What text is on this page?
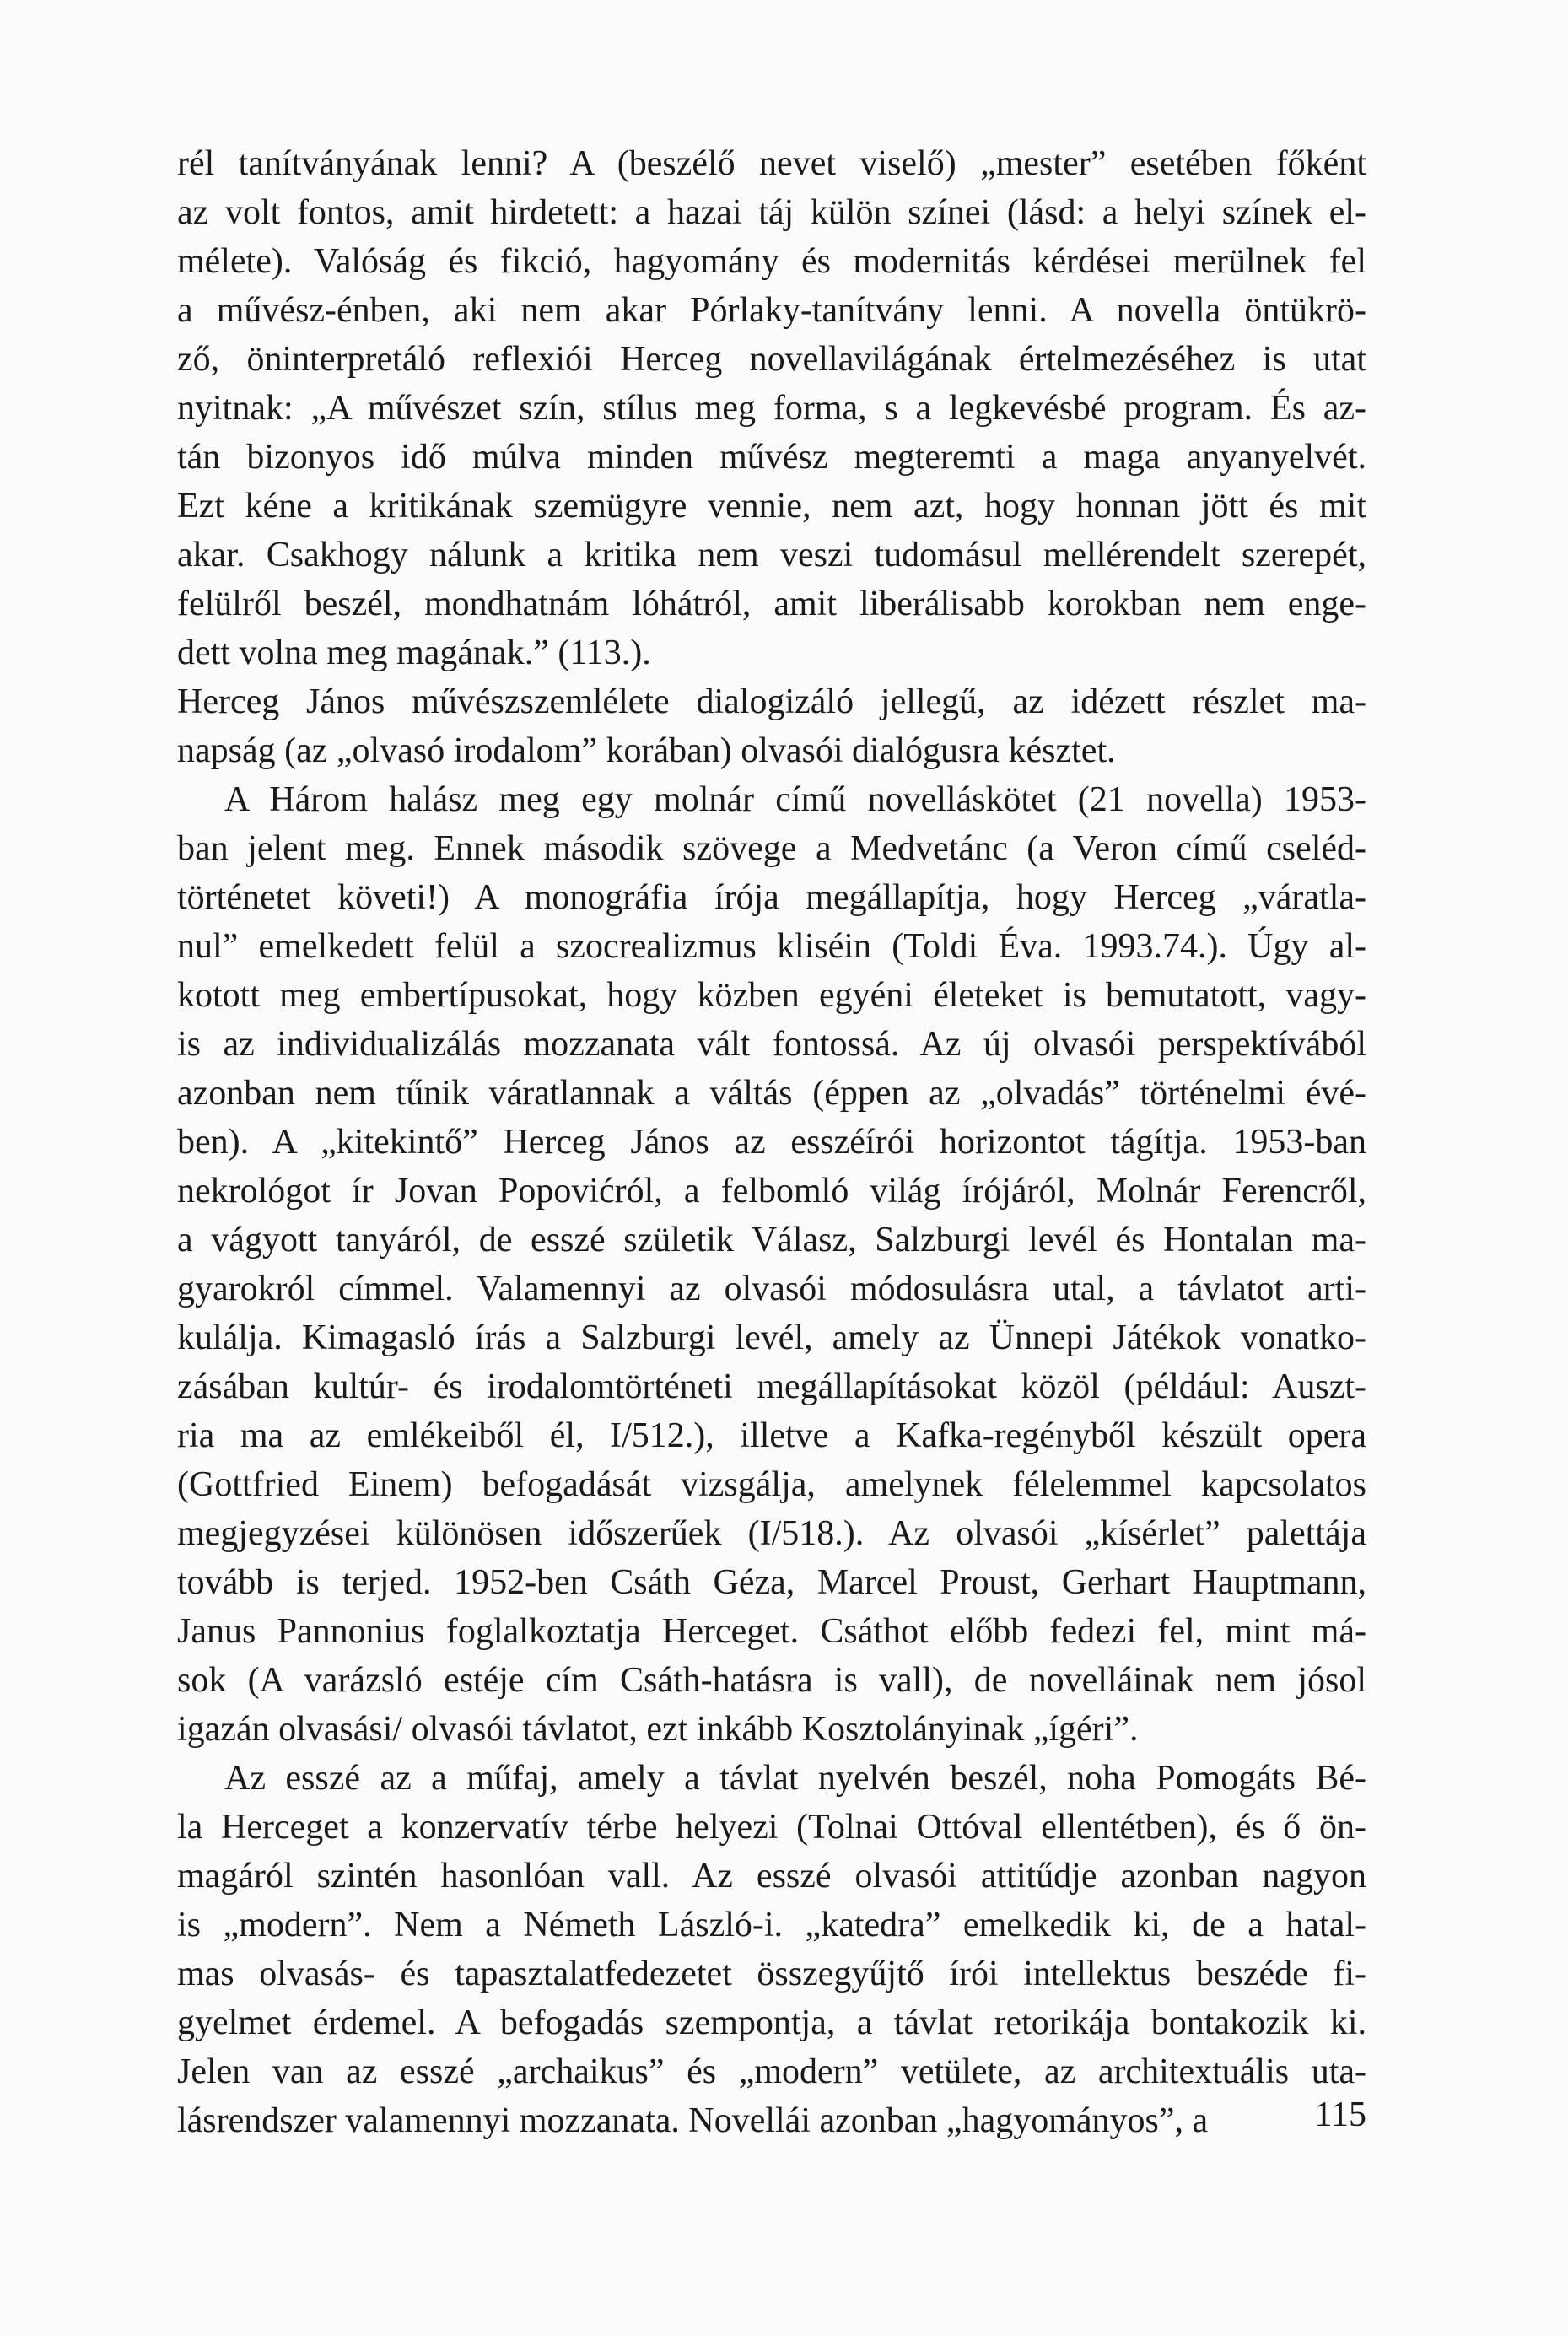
rél tanítványának lenni? A (beszélő nevet viselő) „mester” esetében főként
az volt fontos, amit hirdetett: a hazai táj külön színei (lásd: a helyi színek el-
mélete). Valóság és fikció, hagyomány és modernitás kérdései merülnek fel
a művész-énben, aki nem akar Pórlaky-tanítvány lenni. A novella öntükrö-
ző, öninterpretáló reflexiói Herceg novellavilágának értelmezéséhez is utat
nyitnak: „A művészet szín, stílus meg forma, s a legkevésbé program. És az-
tán bizonyos idő múlva minden művész megteremti a maga anyanyelvét.
Ezt kéne a kritikának szemügyre vennie, nem azt, hogy honnan jött és mit
akar. Csakhogy nálunk a kritika nem veszi tudomásul mellérendelt szerepét,
felülről beszél, mondhatnám lóhátról, amit liberálisabb korokban nem enge-
dett volna meg magának.” (113.).
Herceg János művészszemlélete dialogizáló jellegű, az idézett részlet ma-
napság (az „olvasó irodalom” korában) olvasói dialógusra késztet.
A Három halász meg egy molnár című novelláskötet (21 novella) 1953-
ban jelent meg. Ennek második szövege a Medvetánc (a Veron című cseléd-
történetet követi!) A monográfia írója megállapítja, hogy Herceg „váratla-
nul” emelkedett felül a szocrealizmus kliséin (Toldi Éva. 1993.74.). Úgy al-
kotott meg embertípusokat, hogy közben egyéni életeket is bemutatott, vagy-
is az individualizálás mozzanata vált fontossá. Az új olvasói perspektívából
azonban nem tűnik váratlannak a váltás (éppen az „olvadás” történelmi évé-
ben). A „kitekintő” Herceg János az esszéírói horizontot tágítja. 1953-ban
nekrológot ír Jovan Popovićról, a felbomló világ írójáról, Molnár Ferencről,
a vágyott tanyáról, de esszé születik Válasz, Salzburgi levél és Hontalan ma-
gyarokról címmel. Valamennyi az olvasói módosulásra utal, a távlatot arti-
kulálja. Kimagasló írás a Salzburgi levél, amely az Ünnepi Játékok vonatko-
zásában kultúr- és irodalomtörténeti megállapításokat közöl (például: Auszt-
ria ma az emlékeiből él, I/512.), illetve a Kafka-regényből készült opera
(Gottfried Einem) befogadását vizsgálja, amelynek félelemmel kapcsolatos
megjegyzései különösen időszerűek (I/518.). Az olvasói „kísérlet” palettája
tovább is terjed. 1952-ben Csáth Géza, Marcel Proust, Gerhart Hauptmann,
Janus Pannonius foglalkoztatja Herceget. Csáthot előbb fedezi fel, mint má-
sok (A varázsló estéje cím Csáth-hatásra is vall), de novelláinak nem jósol
igazán olvasási/ olvasói távlatot, ezt inkább Kosztolányinak „ígéri”.
Az esszé az a műfaj, amely a távlat nyelvén beszél, noha Pomogáts Bé-
la Herceget a konzervatív térbe helyezi (Tolnai Ottóval ellentétben), és ő ön-
magáról szintén hasonlóan vall. Az esszé olvasói attitűdje azonban nagyon
is „modern”. Nem a Németh László-i. „katedra” emelkedik ki, de a hatal-
mas olvasás- és tapasztalatfedezetet összegyűjtő írói intellektus beszéde fi-
gyelmet érdemel. A befogadás szempontja, a távlat retorikája bontakozik ki.
Jelen van az esszé „archaikus” és „modern” vetülete, az architextuális uta-
lásrendszer valamennyi mozzanata. Novellái azonban „hagyományos”, a	115
